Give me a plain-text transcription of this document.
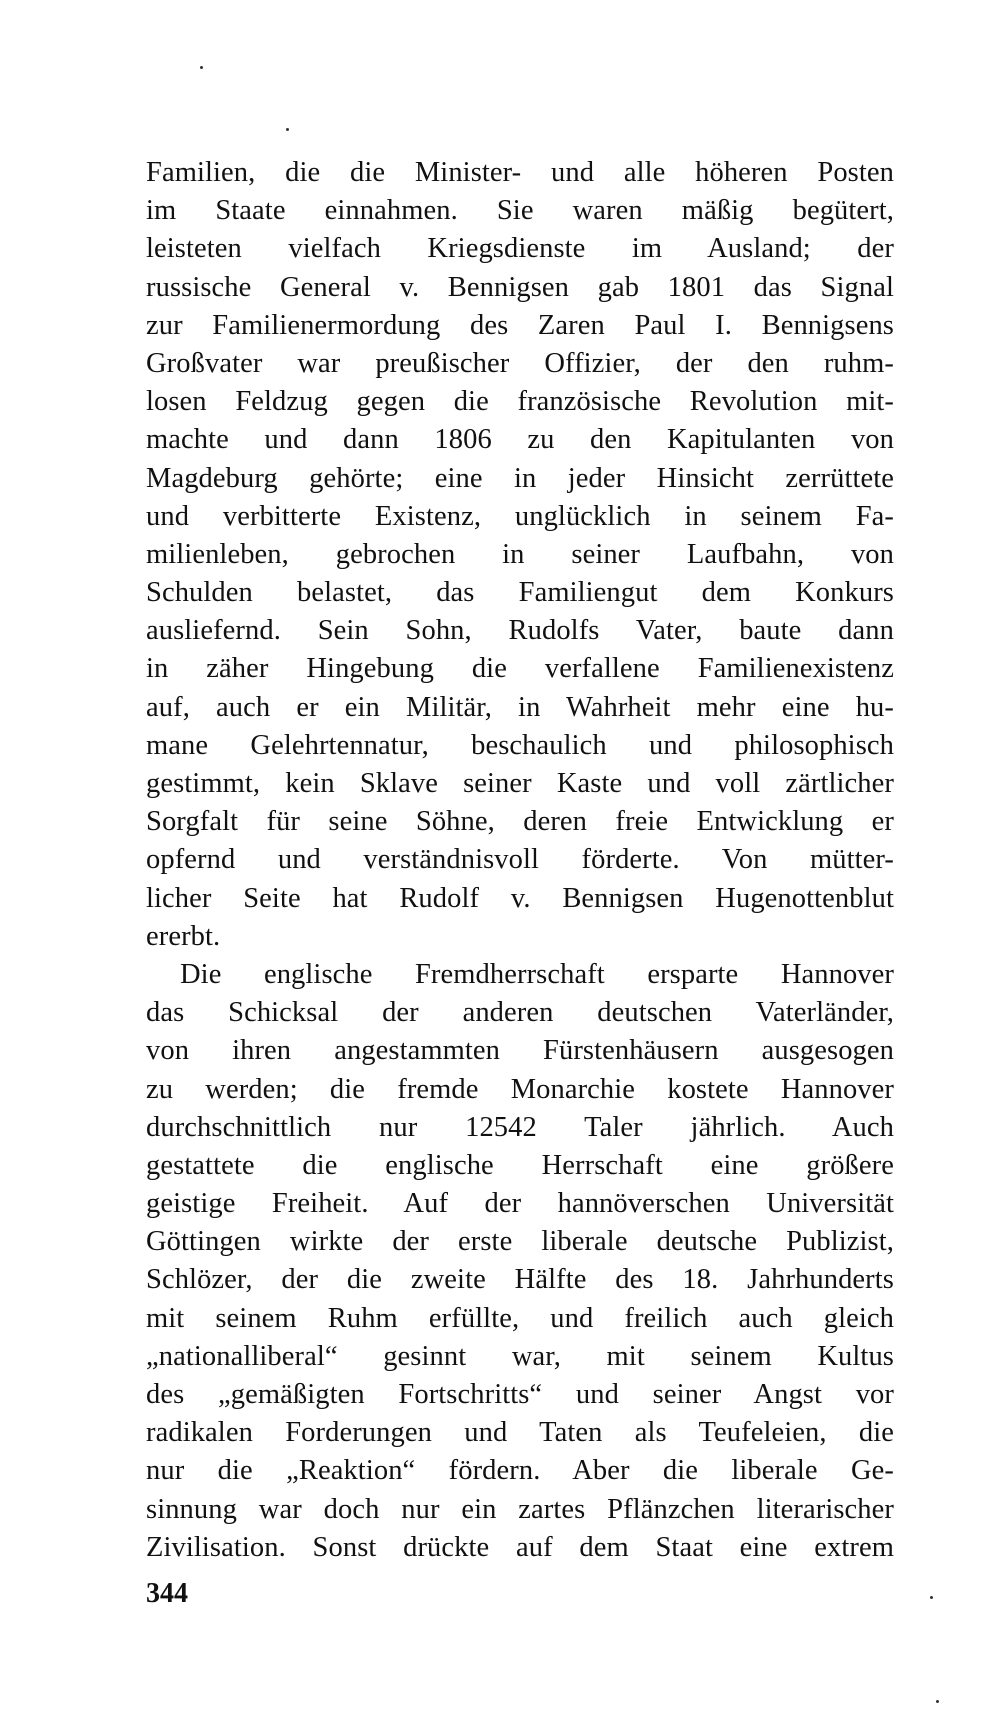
Familien, die die Minister- und alle höheren Posten
im Staate einnahmen. Sie waren mäßig begütert,
leisteten vielfach Kriegsdienste im Ausland; der
russische General v. Bennigsen gab 1801 das Signal
zur Familienermordung des Zaren Paul I. Bennigsens
Großvater war preußischer Offizier, der den ruhm-
losen Feldzug gegen die französische Revolution mit-
machte und dann 1806 zu den Kapitulanten von
Magdeburg gehörte; eine in jeder Hinsicht zerrüttete
und verbitterte Existenz, unglücklich in seinem Fa-
milienleben, gebrochen in seiner Laufbahn, von
Schulden belastet, das Familiengut dem Konkurs
ausliefernd. Sein Sohn, Rudolfs Vater, baute dann
in zäher Hingebung die verfallene Familienexistenz
auf, auch er ein Militär, in Wahrheit mehr eine hu-
mane Gelehrtennatur, beschaulich und philosophisch
gestimmt, kein Sklave seiner Kaste und voll zärtlicher
Sorgfalt für seine Söhne, deren freie Entwicklung er
opfernd und verständnisvoll förderte. Von mütter-
licher Seite hat Rudolf v. Bennigsen Hugenottenblut
ererbt.
Die englische Fremdherrschaft ersparte Hannover
das Schicksal der anderen deutschen Vaterländer,
von ihren angestammten Fürstenhäusern ausgesogen
zu werden; die fremde Monarchie kostete Hannover
durchschnittlich nur 12542 Taler jährlich. Auch
gestattete die englische Herrschaft eine größere
geistige Freiheit. Auf der hannöverschen Universität
Göttingen wirkte der erste liberale deutsche Publizist,
Schlözer, der die zweite Hälfte des 18. Jahrhunderts
mit seinem Ruhm erfüllte, und freilich auch gleich
„nationalliberal“ gesinnt war, mit seinem Kultus
des „gemäßigten Fortschritts“ und seiner Angst vor
radikalen Forderungen und Taten als Teufeleien, die
nur die „Reaktion“ fördern. Aber die liberale Ge-
sinnung war doch nur ein zartes Pflänzchen literarischer
Zivilisation. Sonst drückte auf dem Staat eine extrem
344
